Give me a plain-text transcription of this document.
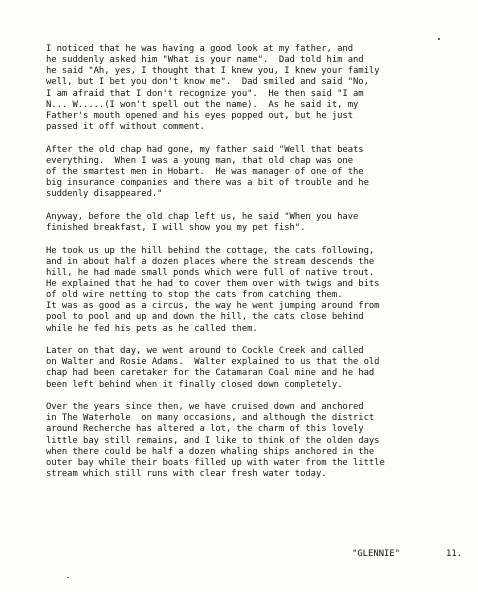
I noticed that he was having a good look at my father, and
he suddenly asked him "What is your name".  Dad told him and
he said "Ah, yes, I thought that I knew you, I knew your family
well, but I bet you don't know me".  Dad smiled and said "No,
I am afraid that I don't recognize you".  He then said "I am
N... W.....(I won't spell out the name).  As he said it, my
Father's mouth opened and his eyes popped out, but he just
passed it off without comment.

After the old chap had gone, my father said "Well that beats
everything.  When I was a young man, that old chap was one
of the smartest men in Hobart.  He was manager of one of the
big insurance companies and there was a bit of trouble and he
suddenly disappeared."

Anyway, before the old chap left us, he said "When you have
finished breakfast, I will show you my pet fish".

He took us up the hill behind the cottage, the cats following,
and in about half a dozen places where the stream descends the
hill, he had made small ponds which were full of native trout.
He explained that he had to cover them over with twigs and bits
of old wire netting to stop the cats from catching them.
It was as good as a circus, the way he went jumping around from
pool to pool and up and down the hill, the cats close behind
while he fed his pets as he called them.

Later on that day, we went around to Cockle Creek and called
on Walter and Rosie Adams.  Walter explained to us that the old
chap had been caretaker for the Catamaran Coal mine and he had
been left behind when it finally closed down completely.

Over the years since then, we have cruised down and anchored
in The Waterhole  on many occasions, and although the district
around Recherche has altered a lot, the charm of this lovely
little bay still remains, and I like to think of the olden days
when there could be half a dozen whaling ships anchored in the
outer bay while their boats filled up with water from the little
stream which still runs with clear fresh water today.

"GLENNIE"	11.
